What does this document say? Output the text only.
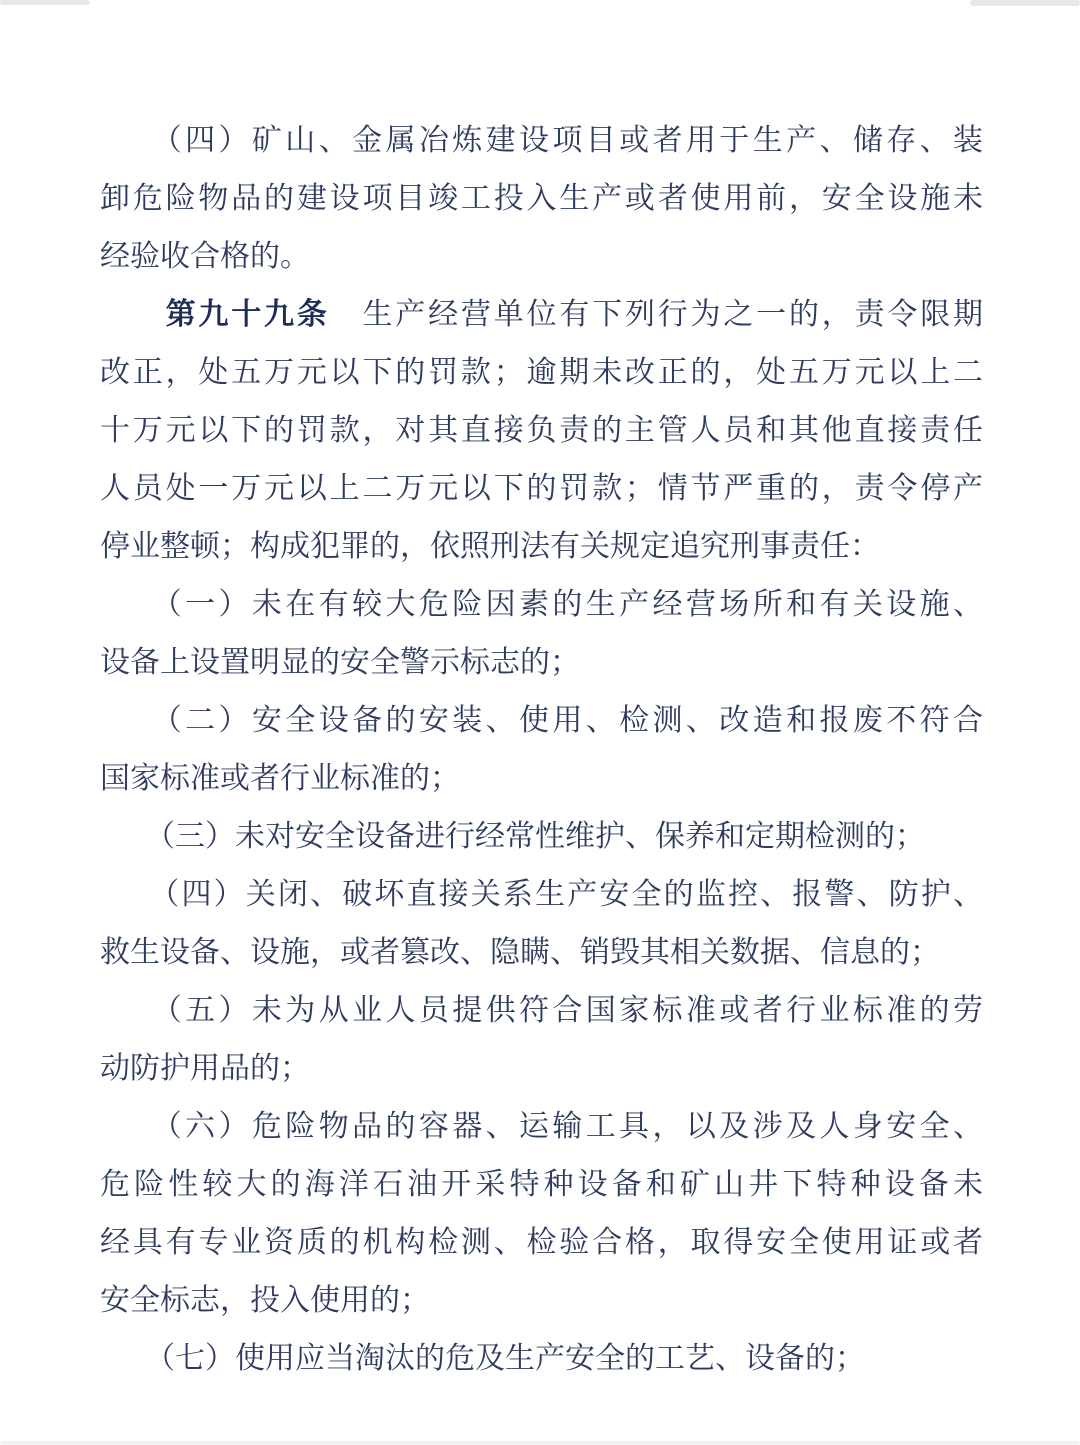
　　（四）矿山、金属冶炼建设项目或者用于生产、储存、装
卸危险物品的建设项目竣工投入生产或者使用前，安全设施未
经验收合格的。
　　第九十九条　生产经营单位有下列行为之一的，责令限期
改正，处五万元以下的罚款；逾期未改正的，处五万元以上二
十万元以下的罚款，对其直接负责的主管人员和其他直接责任
人员处一万元以上二万元以下的罚款；情节严重的，责令停产
停业整顿；构成犯罪的，依照刑法有关规定追究刑事责任：
　　（一）未在有较大危险因素的生产经营场所和有关设施、
设备上设置明显的安全警示标志的；
　　（二）安全设备的安装、使用、检测、改造和报废不符合
国家标准或者行业标准的；
　　（三）未对安全设备进行经常性维护、保养和定期检测的；
　　（四）关闭、破坏直接关系生产安全的监控、报警、防护、
救生设备、设施，或者篡改、隐瞒、销毁其相关数据、信息的；
　　（五）未为从业人员提供符合国家标准或者行业标准的劳
动防护用品的；
　　（六）危险物品的容器、运输工具，以及涉及人身安全、
危险性较大的海洋石油开采特种设备和矿山井下特种设备未
经具有专业资质的机构检测、检验合格，取得安全使用证或者
安全标志，投入使用的；
　　（七）使用应当淘汰的危及生产安全的工艺、设备的；
